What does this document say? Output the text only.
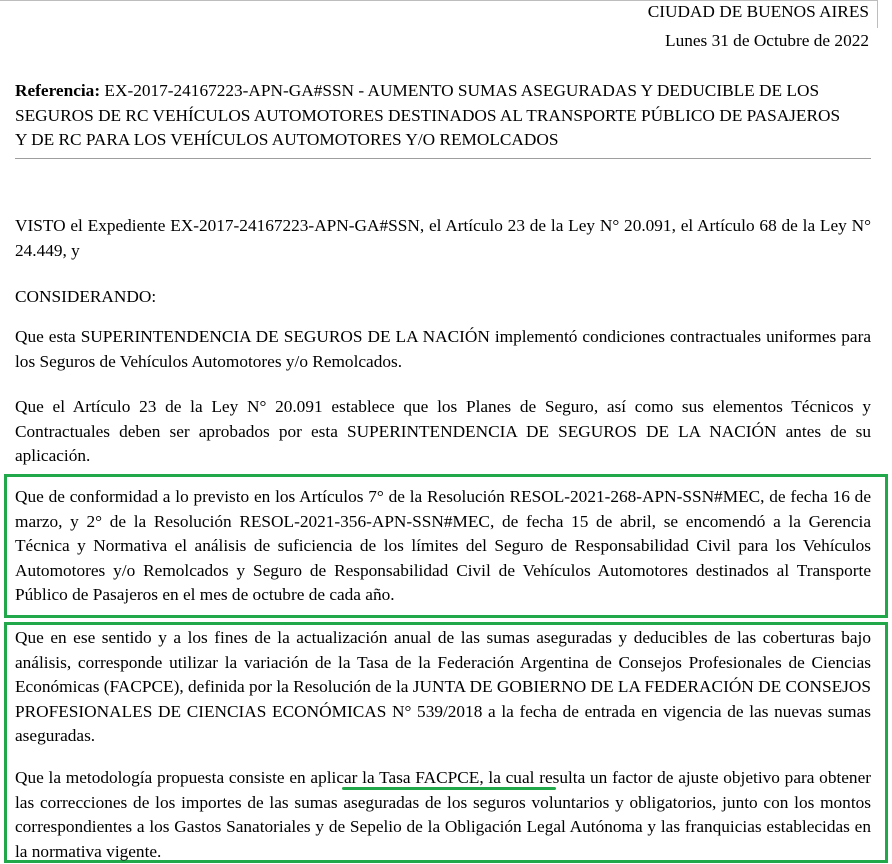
CIUDAD DE BUENOS AIRES
Lunes 31 de Octubre de 2022
Referencia: EX-2017-24167223-APN-GA#SSN - AUMENTO SUMAS ASEGURADAS Y DEDUCIBLE DE LOS SEGUROS DE RC VEHÍCULOS AUTOMOTORES DESTINADOS AL TRANSPORTE PÚBLICO DE PASAJEROS Y DE RC PARA LOS VEHÍCULOS AUTOMOTORES Y/O REMOLCADOS
VISTO el Expediente EX-2017-24167223-APN-GA#SSN, el Artículo 23 de la Ley N° 20.091, el Artículo 68 de la Ley N° 24.449, y
CONSIDERANDO:
Que esta SUPERINTENDENCIA DE SEGUROS DE LA NACIÓN implementó condiciones contractuales uniformes para los Seguros de Vehículos Automotores y/o Remolcados.
Que el Artículo 23 de la Ley N° 20.091 establece que los Planes de Seguro, así como sus elementos Técnicos y Contractuales deben ser aprobados por esta SUPERINTENDENCIA DE SEGUROS DE LA NACIÓN antes de su aplicación.
Que de conformidad a lo previsto en los Artículos 7° de la Resolución RESOL-2021-268-APN-SSN#MEC, de fecha 16 de marzo, y 2° de la Resolución RESOL-2021-356-APN-SSN#MEC, de fecha 15 de abril, se encomendó a la Gerencia Técnica y Normativa el análisis de suficiencia de los límites del Seguro de Responsabilidad Civil para los Vehículos Automotores y/o Remolcados y Seguro de Responsabilidad Civil de Vehículos Automotores destinados al Transporte Público de Pasajeros en el mes de octubre de cada año.
Que en ese sentido y a los fines de la actualización anual de las sumas aseguradas y deducibles de las coberturas bajo análisis, corresponde utilizar la variación de la Tasa de la Federación Argentina de Consejos Profesionales de Ciencias Económicas (FACPCE), definida por la Resolución de la JUNTA DE GOBIERNO DE LA FEDERACIÓN DE CONSEJOS PROFESIONALES DE CIENCIAS ECONÓMICAS N° 539/2018 a la fecha de entrada en vigencia de las nuevas sumas aseguradas.
Que la metodología propuesta consiste en aplicar la Tasa FACPCE, la cual resulta un factor de ajuste objetivo para obtener las correcciones de los importes de las sumas aseguradas de los seguros voluntarios y obligatorios, junto con los montos correspondientes a los Gastos Sanatoriales y de Sepelio de la Obligación Legal Autónoma y las franquicias establecidas en la normativa vigente.
